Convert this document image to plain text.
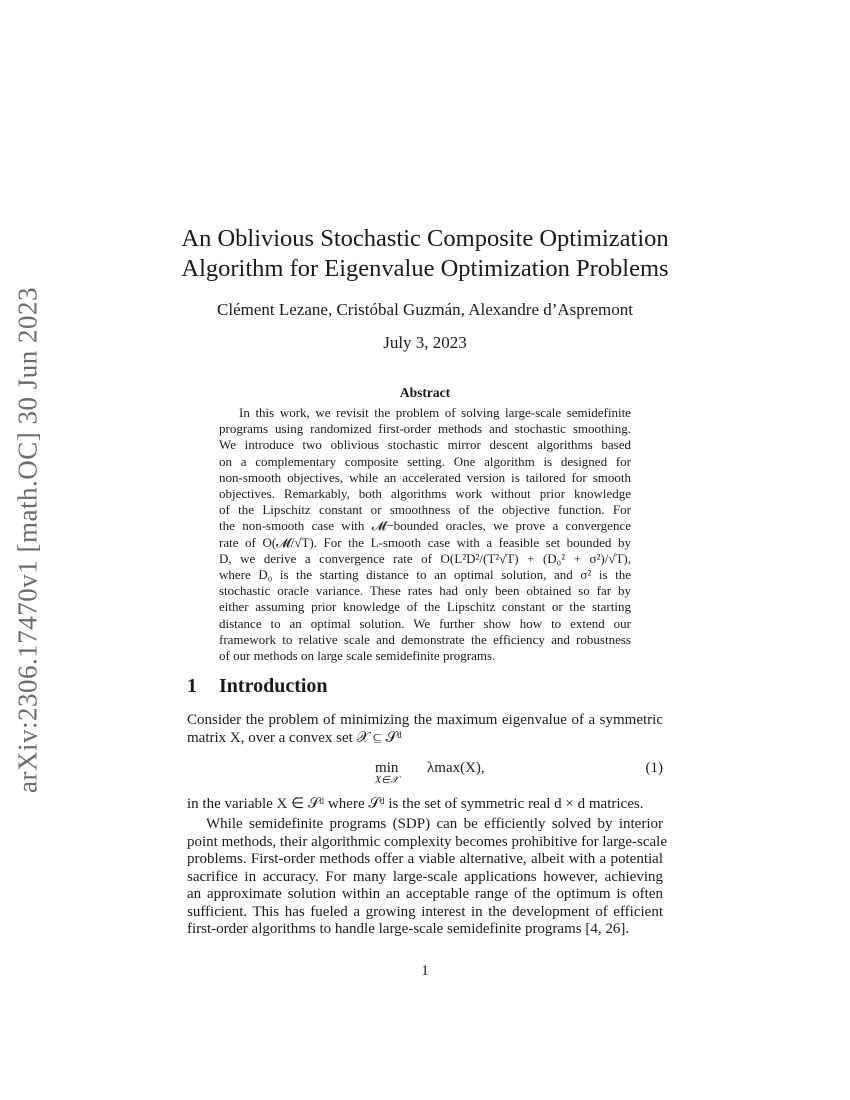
arXiv:2306.17470v1 [math.OC] 30 Jun 2023
An Oblivious Stochastic Composite Optimization
Algorithm for Eigenvalue Optimization Problems
Clément Lezane, Cristóbal Guzmán, Alexandre d’Aspremont
July 3, 2023
Abstract
In this work, we revisit the problem of solving large-scale semidefinite
programs using randomized first-order methods and stochastic smoothing.
We introduce two oblivious stochastic mirror descent algorithms based
on a complementary composite setting. One algorithm is designed for
non-smooth objectives, while an accelerated version is tailored for smooth
objectives. Remarkably, both algorithms work without prior knowledge
of the Lipschitz constant or smoothness of the objective function. For
the non-smooth case with 𝓜−bounded oracles, we prove a convergence
rate of O(𝓜/√T). For the L-smooth case with a feasible set bounded by
D, we derive a convergence rate of O(L²D²/(T²√T) + (D₀² + σ²)/√T),
where D₀ is the starting distance to an optimal solution, and σ² is the
stochastic oracle variance. These rates had only been obtained so far by
either assuming prior knowledge of the Lipschitz constant or the starting
distance to an optimal solution. We further show how to extend our
framework to relative scale and demonstrate the efficiency and robustness
of our methods on large scale semidefinite programs.
1 Introduction
Consider the problem of minimizing the maximum eigenvalue of a symmetric
matrix X, over a convex set 𝒳 ⊆ 𝒮ᵈ
min
X∈𝒳
λmax(X),	(1)
in the variable X ∈ 𝒮ᵈ where 𝒮ᵈ is the set of symmetric real d × d matrices.
While semidefinite programs (SDP) can be efficiently solved by interior
point methods, their algorithmic complexity becomes prohibitive for large-scale
problems. First-order methods offer a viable alternative, albeit with a potential
sacrifice in accuracy. For many large-scale applications however, achieving
an approximate solution within an acceptable range of the optimum is often
sufficient. This has fueled a growing interest in the development of efficient
first-order algorithms to handle large-scale semidefinite programs [4, 26].
1
